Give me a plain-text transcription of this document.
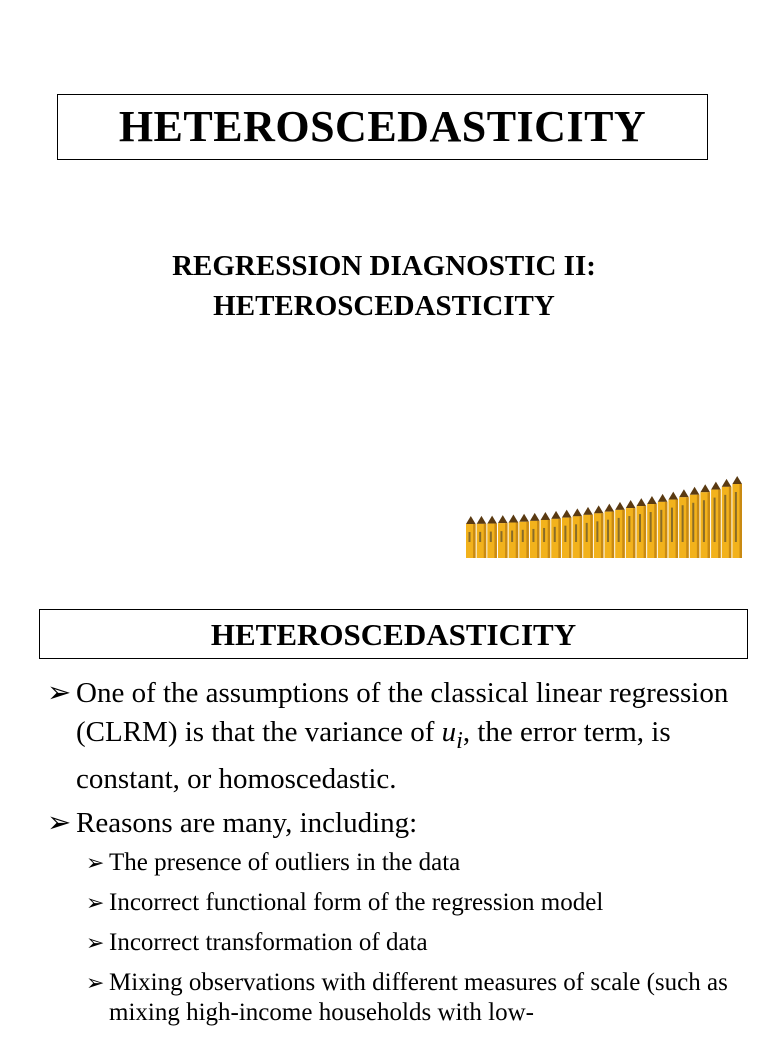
HETEROSCEDASTICITY
REGRESSION DIAGNOSTIC II:
HETEROSCEDASTICITY
HETEROSCEDASTICITY
➢ One of the assumptions of the classical linear regression (CLRM) is that the variance of $u_i$, the error term, is constant, or homoscedastic.
➢ Reasons are many, including:
➢ The presence of outliers in the data
➢ Incorrect functional form of the regression model
➢ Incorrect transformation of data
➢ Mixing observations with different measures of scale (such as mixing high-income households with low-
